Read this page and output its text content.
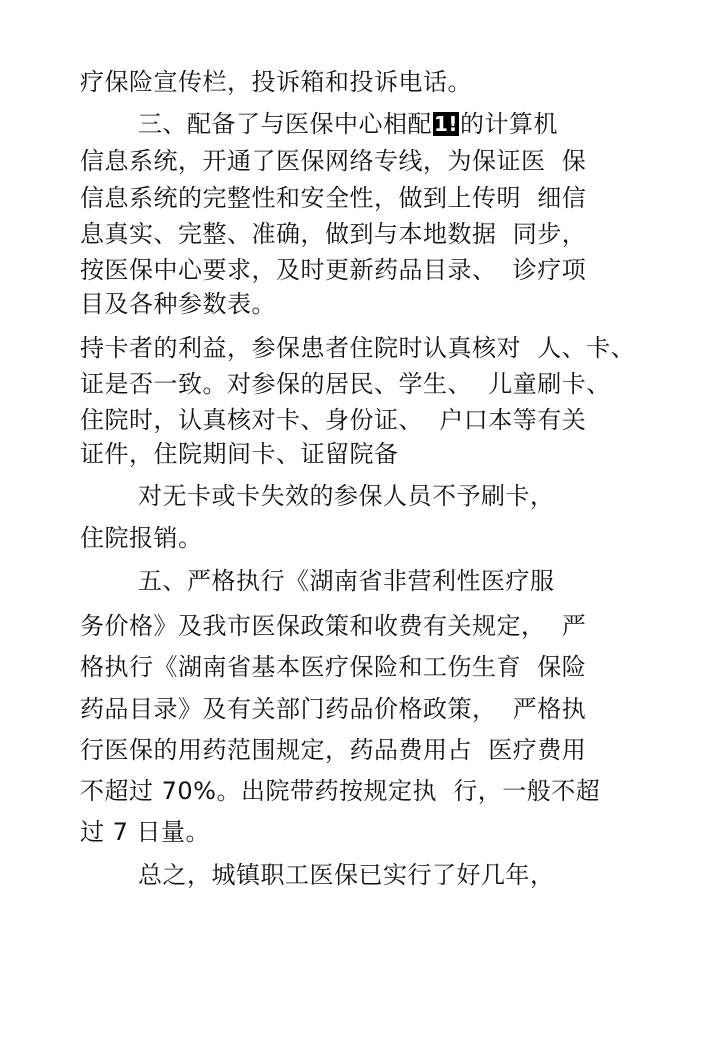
疗保险宣传栏，投诉箱和投诉电话。
三、配备了与医保中心相配 1!的计算机
信息系统，开通了医保网络专线，为保证医  保
信息系统的完整性和安全性，做到上传明  细信
息真实、完整、准确，做到与本地数据  同步，
按医保中心要求，及时更新药品目录、  诊疗项
目及各种参数表。
持卡者的利益，参保患者住院时认真核对  人、卡、
证是否一致。对参保的居民、学生、  儿童刷卡、
住院时，认真核对卡、身份证、  户口本等有关
证件，住院期间卡、证留院备
对无卡或卡失效的参保人员不予刷卡，
住院报销。
五、严格执行《湖南省非营利性医疗服
务价格》及我市医保政策和收费有关规定，  严
格执行《湖南省基本医疗保险和工伤生育  保险
药品目录》及有关部门药品价格政策，  严格执
行医保的用药范围规定，药品费用占  医疗费用
不超过 70%。出院带药按规定执  行，一般不超
过 7 日量。
总之，城镇职工医保已实行了好几年，
